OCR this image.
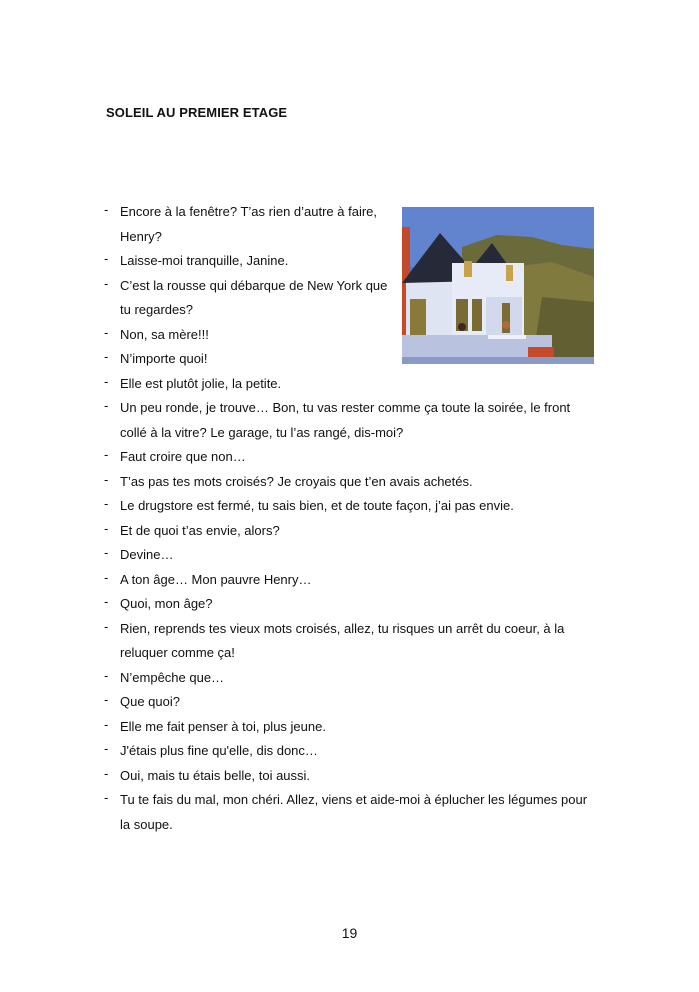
SOLEIL AU PREMIER ETAGE
- Encore à la fenêtre? T’as rien d’autre à faire, Henry?
- Laisse-moi tranquille, Janine.
- C’est la rousse qui débarque de New York que tu regardes?
- Non, sa mère!!!
- N’importe quoi!
- Elle est plutôt jolie, la petite.
- Un peu ronde, je trouve… Bon, tu vas rester comme ça toute la soirée, le front collé à la vitre? Le garage, tu l’as rangé, dis-moi?
- Faut croire que non…
- T’as pas tes mots croisés? Je croyais que t’en avais achetés.
- Le drugstore est fermé, tu sais bien, et de toute façon, j’ai pas envie.
- Et de quoi t’as envie, alors?
- Devine…
- A ton âge… Mon pauvre Henry…
- Quoi, mon âge?
- Rien, reprends tes vieux mots croisés, allez, tu risques un arrêt du coeur, à la reluquer comme ça!
- N’empêche que…
- Que quoi?
- Elle me fait penser à toi, plus jeune.
- J'étais plus fine qu'elle, dis donc…
- Oui, mais tu étais belle, toi aussi.
- Tu te fais du mal, mon chéri. Allez, viens et aide-moi à éplucher les légumes pour la soupe.
19
